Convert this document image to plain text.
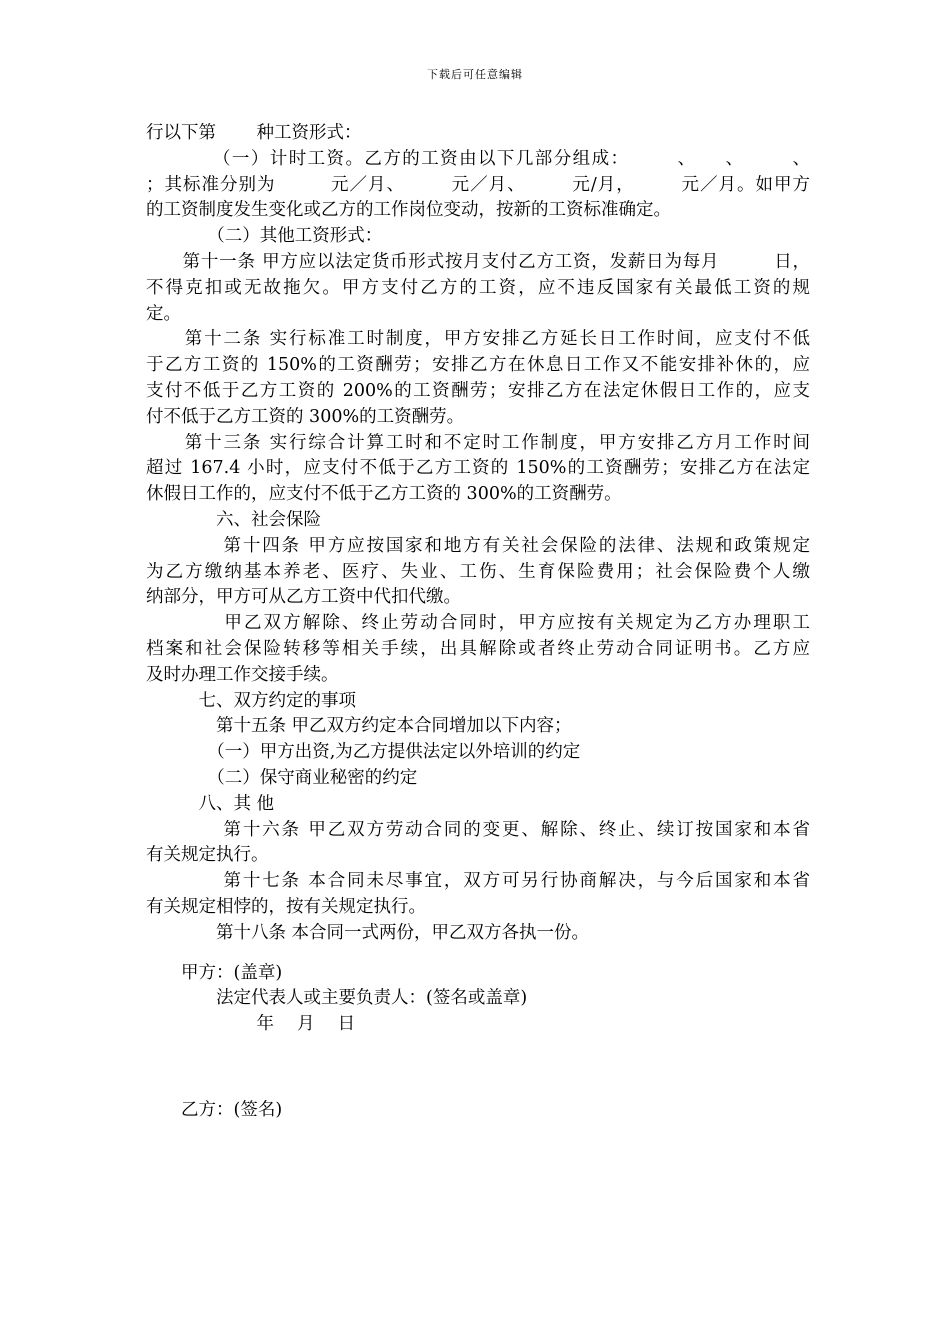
下载后可任意编辑
行以下第　　 种工资形式：
　　　　（一）计时工资。乙方的工资由以下几部分组成：　　　、　　、　　　、
；其标准分别为　　　元／月、　　　元／月、　　　元/月，　　　元／月。如甲方
的工资制度发生变化或乙方的工作岗位变动，按新的工资标准确定。
　　　　（二）其他工资形式：
　　第十一条 甲方应以法定货币形式按月支付乙方工资，发薪日为每月　　　日，
不得克扣或无故拖欠。甲方支付乙方的工资，应不违反国家有关最低工资的规
定。
　　第十二条 实行标准工时制度，甲方安排乙方延长日工作时间，应支付不低
于乙方工资的 150%的工资酬劳；安排乙方在休息日工作又不能安排补休的，应
支付不低于乙方工资的 200%的工资酬劳；安排乙方在法定休假日工作的，应支
付不低于乙方工资的 300%的工资酬劳。
　　第十三条 实行综合计算工时和不定时工作制度，甲方安排乙方月工作时间
超过 167.4 小时，应支付不低于乙方工资的 150%的工资酬劳；安排乙方在法定
休假日工作的，应支付不低于乙方工资的 300%的工资酬劳。
　　　　六、社会保险
　　　　第十四条 甲方应按国家和地方有关社会保险的法律、法规和政策规定
为乙方缴纳基本养老、医疗、失业、工伤、生育保险费用；社会保险费个人缴
纳部分，甲方可从乙方工资中代扣代缴。
　　　　甲乙双方解除、终止劳动合同时，甲方应按有关规定为乙方办理职工
档案和社会保险转移等相关手续，出具解除或者终止劳动合同证明书。乙方应
及时办理工作交接手续。
　　　七、双方约定的事项
　　　　第十五条 甲乙双方约定本合同增加以下内容；
　　　　（一）甲方出资,为乙方提供法定以外培训的约定
　　　　（二）保守商业秘密的约定
　　　八、其 他
　　　　第十六条 甲乙双方劳动合同的变更、解除、终止、续订按国家和本省
有关规定执行。
　　　　第十七条 本合同未尽事宜，双方可另行协商解决，与今后国家和本省
有关规定相悖的，按有关规定执行。
　　　　第十八条 本合同一式两份，甲乙双方各执一份。
　　甲方：(盖章)
　　　　法定代表人或主要负责人：(签名或盖章)
　　　　　　 年　 月　 日
　　乙方：(签名)
